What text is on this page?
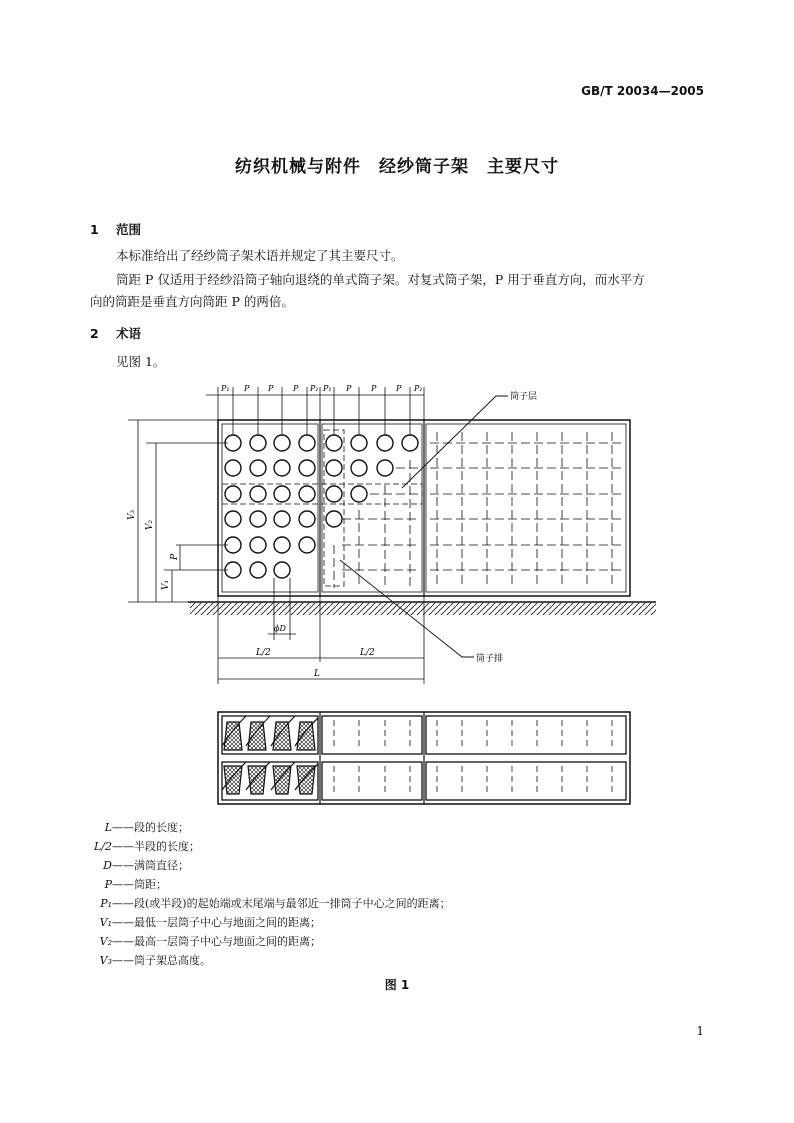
GB/T 20034—2005
纺织机械与附件　经纱筒子架　主要尺寸
1 范围
本标准给出了经纱筒子架术语并规定了其主要尺寸。
筒距 P 仅适用于经纱沿筒子轴向退绕的单式筒子架。对复式筒子架，P 用于垂直方向，而水平方
向的筒距是垂直方向筒距 P 的两倍。
2 术语
见图 1。
P₁ P P P P₁ P₁ P P P P₁
V₃
V₂
V₁
P
ϕD
L/2	L/2
L
筒子层
筒子排
L——段的长度；
L/2——半段的长度；
D——满筒直径；
P——筒距；
P₁——段(或半段)的起始端或末尾端与最邻近一排筒子中心之间的距离；
V₁——最低一层筒子中心与地面之间的距离；
V₂——最高一层筒子中心与地面之间的距离；
V₃——筒子架总高度。
图 1
1
